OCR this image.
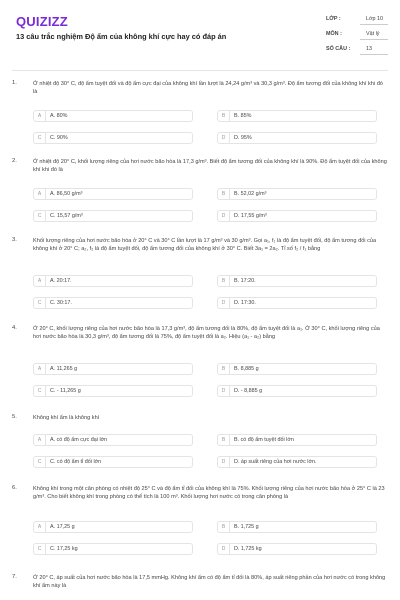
QUIZIZZ
13 câu trắc nghiệm Độ ẩm của không khí cực hay có đáp án
LỚP :	Lớp 10
MÔN :	Vật lý
SỐ CÂU :	13
1.	Ở nhiệt độ 30° C, độ ẩm tuyệt đối và độ ẩm cực đại của không khí lần lượt là 24,24 g/m³ và 30,3 g/m³. Độ ẩm tương đối của không khí khi đó là
A	A. 80%	B	B. 85%
C	C. 90%	D	D. 95%
2.	Ở nhiệt độ 20° C, khối lượng riêng của hơi nước bão hòa là 17,3 g/m³. Biết độ ẩm tương đối của không khí là 90%. Độ ẩm tuyệt đối của không khí khi đó là
A	A. 86,50 g/m³	B	B. 52,02 g/m³
C	C. 15,57 g/m³	D	D. 17,55 g/m³
3.	Khối lượng riêng của hơi nước bão hòa ở 20° C và 30° C lần lượt là 17 g/m³ và 30 g/m³. Gọi a₁, f₁ là độ ẩm tuyệt đối, độ ẩm tương đối của không khí ở 20° C; a₂, f₂ là độ ẩm tuyệt đối, độ ẩm tương đối của không khí ở 30° C. Biết 3a₁ = 2a₂. Tỉ số f₂ / f₁ bằng
A	A. 20:17.	B	B. 17:20.
C	C. 30:17.	D	D. 17:30.
4.	Ở 20° C, khối lượng riêng của hơi nước bão hòa là 17,3 g/m³, độ ẩm tương đối là 80%, độ ẩm tuyệt đối là a₁. Ở 30° C, khối lượng riêng của hơi nước bão hòa là 30,3 g/m³, độ ẩm tương đối là 75%, độ ẩm tuyệt đối là a₂. Hiệu (a₁ - a₂) bằng
A	A. 11,265 g	B	B. 8,885 g
C	C. - 11,265 g	D	D. - 8,885 g
5.	Không khí ẩm là không khí
A	A. có độ ẩm cực đại lớn	B	B. có độ ẩm tuyệt đối lớn
C	C. có độ ẩm tỉ đối lớn	D	D. áp suất riêng của hơi nước lớn.
6.	Không khí trong một căn phòng có nhiệt độ 25° C và độ ẩm tỉ đối của không khí là 75%. Khối lượng riêng của hơi nước bão hòa ở 25° C là 23 g/m³. Cho biết không khí trong phòng có thể tích là 100 m³. Khối lượng hơi nước có trong căn phòng là
A	A. 17,25 g	B	B. 1,725 g
C	C. 17,25 kg	D	D. 1,725 kg
7.	Ở 20° C, áp suất của hơi nước bão hòa là 17,5 mmHg. Không khí ẩm có độ ẩm tỉ đối là 80%, áp suất riêng phần của hơi nước có trong không khí ẩm này là
